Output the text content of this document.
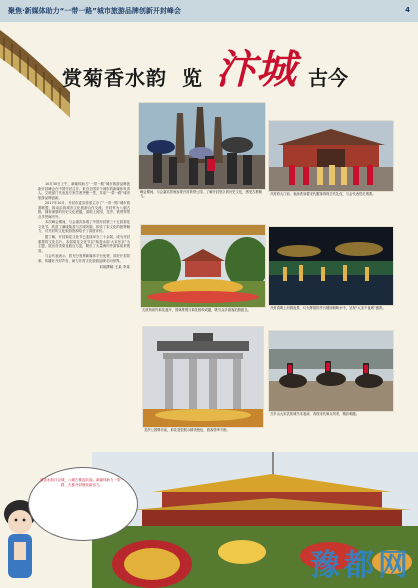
聚焦·新媒体助力“一带一路”城市旅游品牌创新开封峰会	4
赏菊香水韵 览 汴城 古今

10月30日上午，新媒体助力“一带一路”城市旅游品牌创新开封峰会在中国开封召开。来自全国多个城市的新媒体负责人、文旅部门代表及专家学者齐聚一堂，共话“一带一路”城市旅游品牌创新。

2017年10月，开封市委宣传部主办了“一带一路”城市旅游联盟，推动沿线城市文化旅游合作交流。开封作为八朝古都，拥有深厚的历史文化底蕴，清明上河园、龙亭、铁塔等景点享誉海内外。

本次峰会期间，与会嘉宾参观了中国开封第三十五届菊花文化节，欣赏了满城菊香与古城风貌，体验了宋文化的独特魅力，对开封的文化旅游资源给予了高度评价。

据了解，开封菊花文化节已连续举办三十余届，成为开封重要的文化名片。本届菊花文化节以“菊香水韵·大宋东京”为主题，展出各类菊花数百万盆，吸引了大量海内外游客前来观赏。

与会代表表示，将充分发挥新媒体平台优势，讲好开封故事，传播好开封声音，助力开封文化旅游品牌走向世界。

本版撰稿 王某 李某
峰会期间，与会嘉宾冒雨参观开封铁塔公园，了解开封悠久的历史文化，感受古都魅力。
开封府大门前，表演者身着宋代服饰再现古代礼仪，与会代表驻足观看。
天波杨府内菊花盛开，园林景观与菊花相映成趣，吸引众多游客拍照留念。	开封清明上河园夜景，灯火辉煌的亭台楼阁倒映水中，呈现“大宋不夜城”盛景。
龙亭公园牌坊前，菊花造型展示精美绝伦，游客络绎不绝。
万岁山大宋武侠城马术表演，再现宋代骑兵风采，精彩刺激。
菊香水韵汴京城，八朝古都迎宾朋。新媒体助力一带一路，古都开封焕发新活力。
豫都网
